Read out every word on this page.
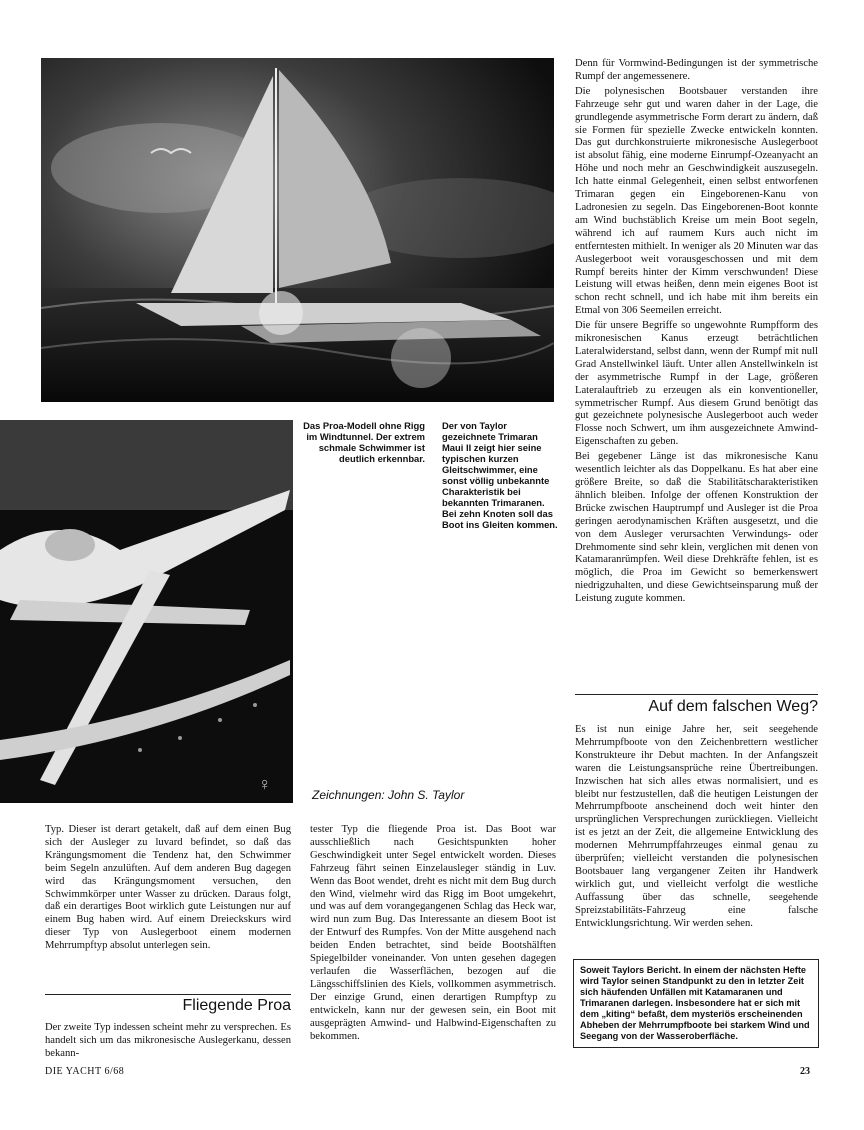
♀
Das Proa-Modell ohne Rigg im Windtunnel. Der extrem schmale Schwimmer ist deutlich erkennbar.
Der von Taylor gezeichnete Trimaran Maui II zeigt hier seine typischen kurzen Gleitschwimmer, eine sonst völlig unbekannte Charakteristik bei bekannten Trimaranen. Bei zehn Knoten soll das Boot ins Gleiten kommen.
Zeichnungen: John S. Taylor

Denn für Vormwind-Bedingungen ist der symmetrische Rumpf der angemessenere.

Die polynesischen Bootsbauer verstanden ihre Fahrzeuge sehr gut und waren daher in der Lage, die grundlegende asymmetrische Form derart zu ändern, daß sie Formen für spezielle Zwecke entwickeln konnten. Das gut durchkonstruierte mikronesische Auslegerboot ist absolut fähig, eine moderne Einrumpf-Ozeanyacht an Höhe und noch mehr an Geschwindigkeit auszusegeln. Ich hatte einmal Gelegenheit, einen selbst entworfenen Trimaran gegen ein Eingeborenen-Kanu von Ladronesien zu segeln. Das Eingeborenen-Boot konnte am Wind buchstäblich Kreise um mein Boot segeln, während ich auf raumem Kurs auch nicht im entferntesten mithielt. In weniger als 20 Minuten war das Auslegerboot weit vorausgeschossen und mit dem Rumpf bereits hinter der Kimm verschwunden! Diese Leistung will etwas heißen, denn mein eigenes Boot ist schon recht schnell, und ich habe mit ihm bereits ein Etmal von 306 Seemeilen erreicht.

Die für unsere Begriffe so ungewohnte Rumpfform des mikronesischen Kanus erzeugt beträchtlichen Lateralwiderstand, selbst dann, wenn der Rumpf mit null Grad Anstellwinkel läuft. Unter allen Anstellwinkeln ist der asymmetrische Rumpf in der Lage, größeren Lateralauftrieb zu erzeugen als ein konventioneller, symmetrischer Rumpf. Aus diesem Grund benötigt das gut gezeichnete polynesische Auslegerboot auch weder Flosse noch Schwert, um ihm ausgezeichnete Amwind-Eigenschaften zu geben.

Bei gegebener Länge ist das mikronesische Kanu wesentlich leichter als das Doppelkanu. Es hat aber eine größere Breite, so daß die Stabilitätscharakteristiken ähnlich bleiben. Infolge der offenen Konstruktion der Brücke zwischen Hauptrumpf und Ausleger ist die Proa geringen aerodynamischen Kräften ausgesetzt, und die von dem Ausleger verursachten Verwindungs- oder Drehmomente sind sehr klein, verglichen mit denen von Katamaranrümpfen. Weil diese Drehkräfte fehlen, ist es möglich, die Proa im Gewicht so bemerkenswert niedrigzuhalten, und diese Gewichtseinsparung muß der Leistung zugute kommen.

Auf dem falschen Weg?

Es ist nun einige Jahre her, seit seegehende Mehrrumpfboote von den Zeichenbrettern westlicher Konstrukteure ihr Debut machten. In der Anfangszeit waren die Leistungsansprüche reine Übertreibungen. Inzwischen hat sich alles etwas normalisiert, und es bleibt nur festzustellen, daß die heutigen Leistungen der Mehrrumpfboote anscheinend doch weit hinter den ursprünglichen Versprechungen zurückliegen. Vielleicht ist es jetzt an der Zeit, die allgemeine Entwicklung des modernen Mehrrumpffahrzeuges einmal genau zu überprüfen; vielleicht verstanden die polynesischen Bootsbauer lang vergangener Zeiten ihr Handwerk wirklich gut, und vielleicht verfolgt die westliche Auffassung über das schnelle, seegehende Spreizstabilitäts-Fahrzeug eine falsche Entwicklungsrichtung. Wir werden sehen.

Soweit Taylors Bericht. In einem der nächsten Hefte wird Taylor seinen Standpunkt zu den in letzter Zeit sich häufenden Unfällen mit Katamaranen und Trimaranen darlegen. Insbesondere hat er sich mit dem „kiting“ befaßt, dem mysteriös erscheinenden Abheben der Mehrrumpfboote bei starkem Wind und Seegang von der Wasseroberfläche.

Typ. Dieser ist derart getakelt, daß auf dem einen Bug sich der Ausleger zu luvard befindet, so daß das Krängungsmoment die Tendenz hat, den Schwimmer beim Segeln anzulüften. Auf dem anderen Bug dagegen wird das Krängungsmoment versuchen, den Schwimmkörper unter Wasser zu drücken. Daraus folgt, daß ein derartiges Boot wirklich gute Leistungen nur auf einem Bug haben wird. Auf einem Dreieckskurs wird dieser Typ von Auslegerboot einem modernen Mehrrumpftyp absolut unterlegen sein.

Fliegende Proa

Der zweite Typ indessen scheint mehr zu versprechen. Es handelt sich um das mikronesische Auslegerkanu, dessen bekann-

tester Typ die fliegende Proa ist. Das Boot war ausschließlich nach Gesichtspunkten hoher Geschwindigkeit unter Segel entwickelt worden. Dieses Fahrzeug fährt seinen Einzelausleger ständig in Luv. Wenn das Boot wendet, dreht es nicht mit dem Bug durch den Wind, vielmehr wird das Rigg im Boot umgekehrt, und was auf dem vorangegangenen Schlag das Heck war, wird nun zum Bug. Das Interessante an diesem Boot ist der Entwurf des Rumpfes. Von der Mitte ausgehend nach beiden Enden betrachtet, sind beide Bootshälften Spiegelbilder voneinander. Von unten gesehen dagegen verlaufen die Wasserflächen, bezogen auf die Längsschiffslinien des Kiels, vollkommen asymmetrisch. Der einzige Grund, einen derartigen Rumpftyp zu entwickeln, kann nur der gewesen sein, ein Boot mit ausgeprägten Amwind- und Halbwind-Eigenschaften zu bekommen.

DIE YACHT 6/68	23
